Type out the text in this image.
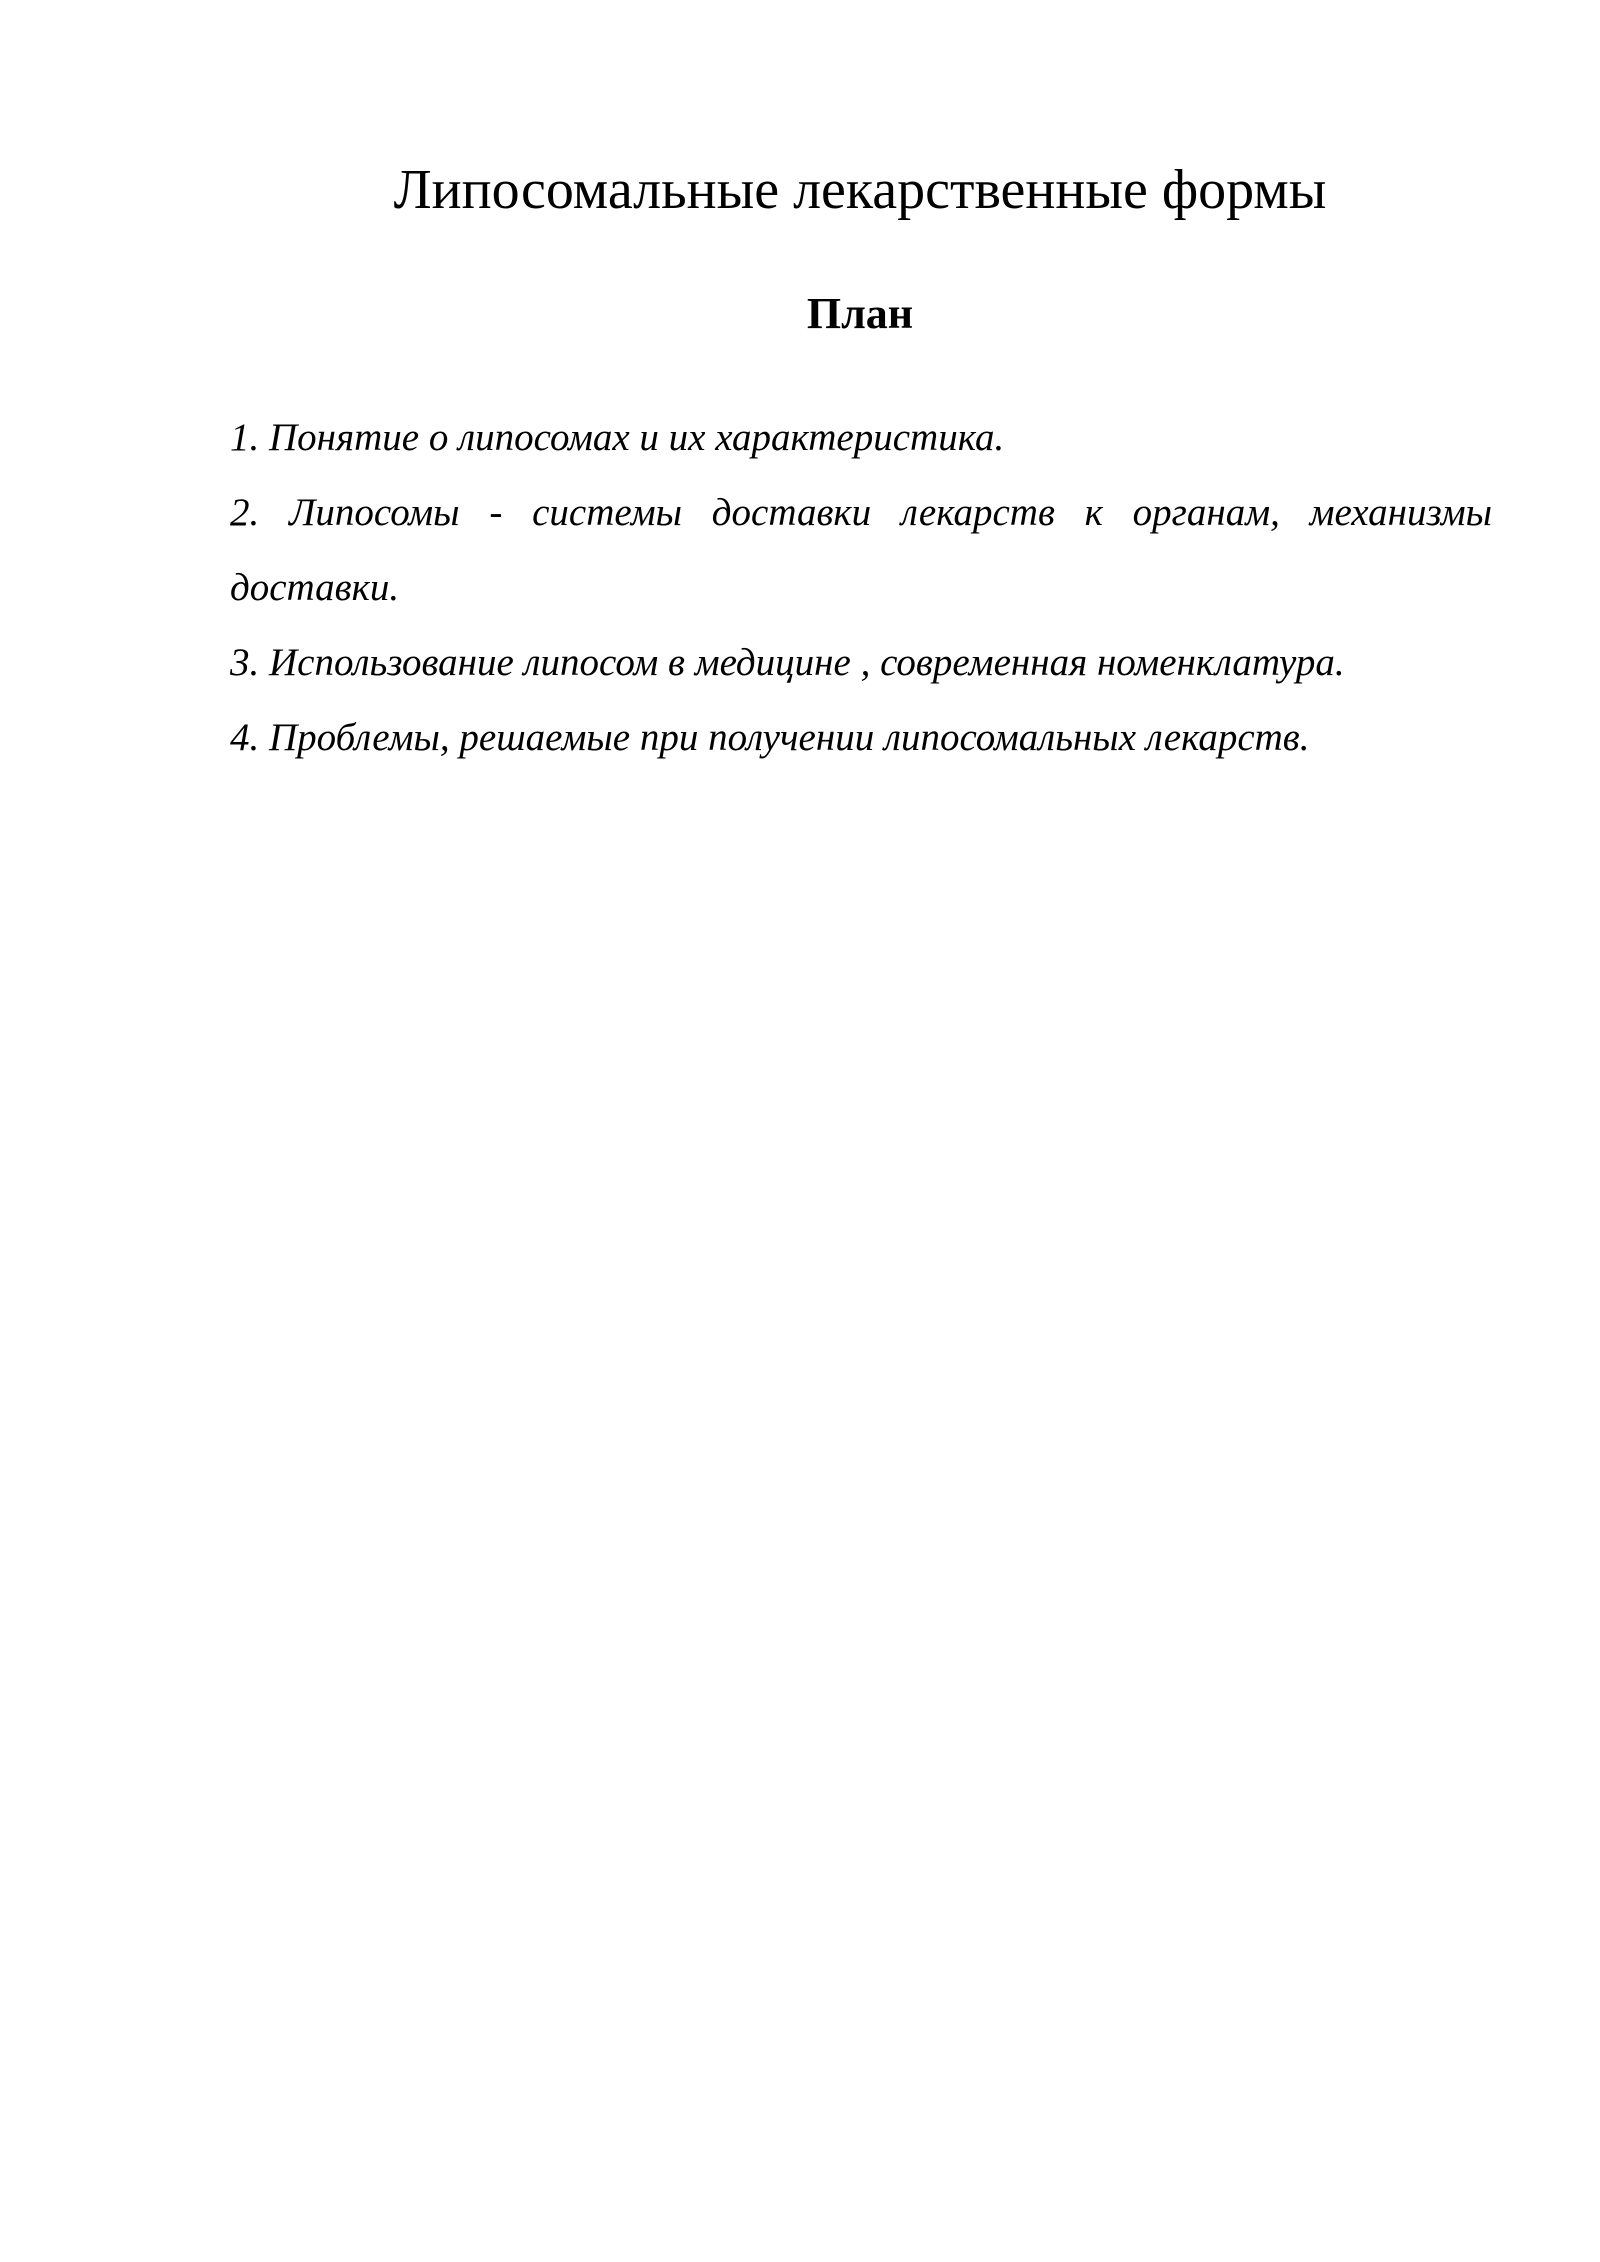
Липосомальные лекарственные формы
План
1. Понятие о липосомах и их характеристика.
2. Липосомы - системы доставки лекарств к органам, механизмы доставки.
3. Использование липосом в медицине , современная номенклатура.
4. Проблемы, решаемые при получении липосомальных лекарств.
